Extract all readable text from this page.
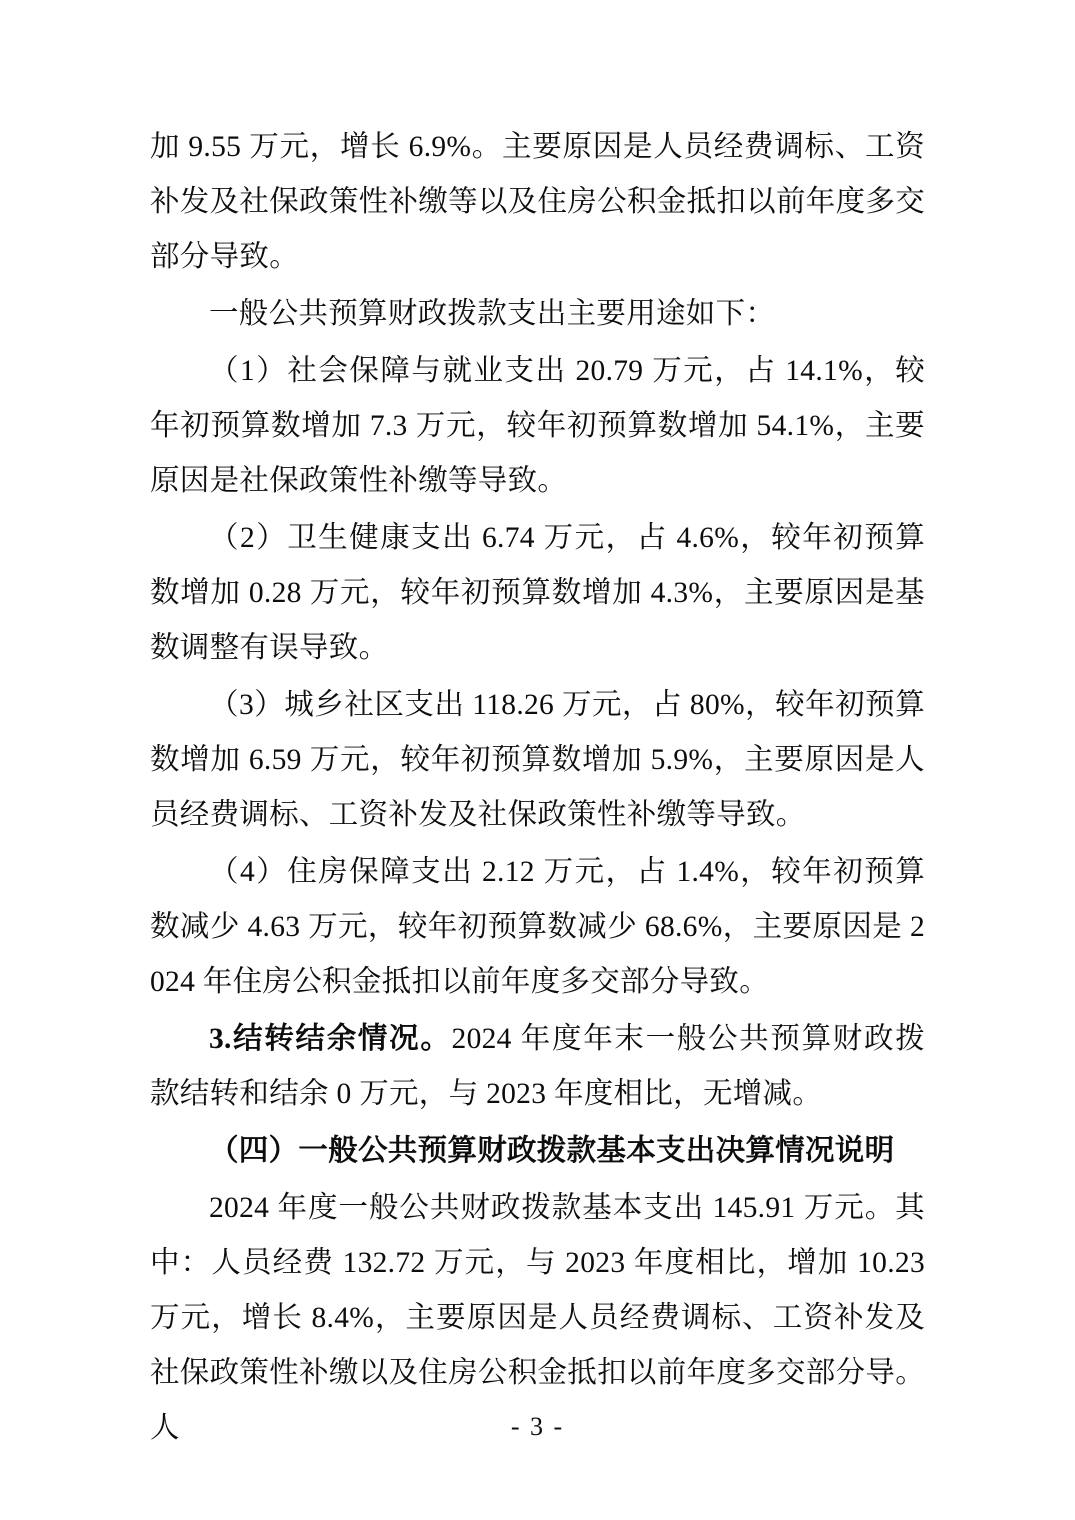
加 9.55 万元，增长 6.9%。主要原因是人员经费调标、工资补发及社保政策性补缴等以及住房公积金抵扣以前年度多交部分导致。

一般公共预算财政拨款支出主要用途如下：

（1）社会保障与就业支出 20.79 万元，占 14.1%，较年初预算数增加 7.3 万元，较年初预算数增加 54.1%，主要原因是社保政策性补缴等导致。

（2）卫生健康支出 6.74 万元，占 4.6%，较年初预算数增加 0.28 万元，较年初预算数增加 4.3%，主要原因是基数调整有误导致。

（3）城乡社区支出 118.26 万元，占 80%，较年初预算数增加 6.59 万元，较年初预算数增加 5.9%，主要原因是人员经费调标、工资补发及社保政策性补缴等导致。

（4）住房保障支出 2.12 万元，占 1.4%，较年初预算数减少 4.63 万元，较年初预算数减少 68.6%，主要原因是 2024 年住房公积金抵扣以前年度多交部分导致。

3.结转结余情况。2024 年度年末一般公共预算财政拨款结转和结余 0 万元，与 2023 年度相比，无增减。

（四）一般公共预算财政拨款基本支出决算情况说明

2024 年度一般公共财政拨款基本支出 145.91 万元。其中：人员经费 132.72 万元，与 2023 年度相比，增加 10.23 万元，增长 8.4%，主要原因是人员经费调标、工资补发及社保政策性补缴以及住房公积金抵扣以前年度多交部分导。人	- 3 -
